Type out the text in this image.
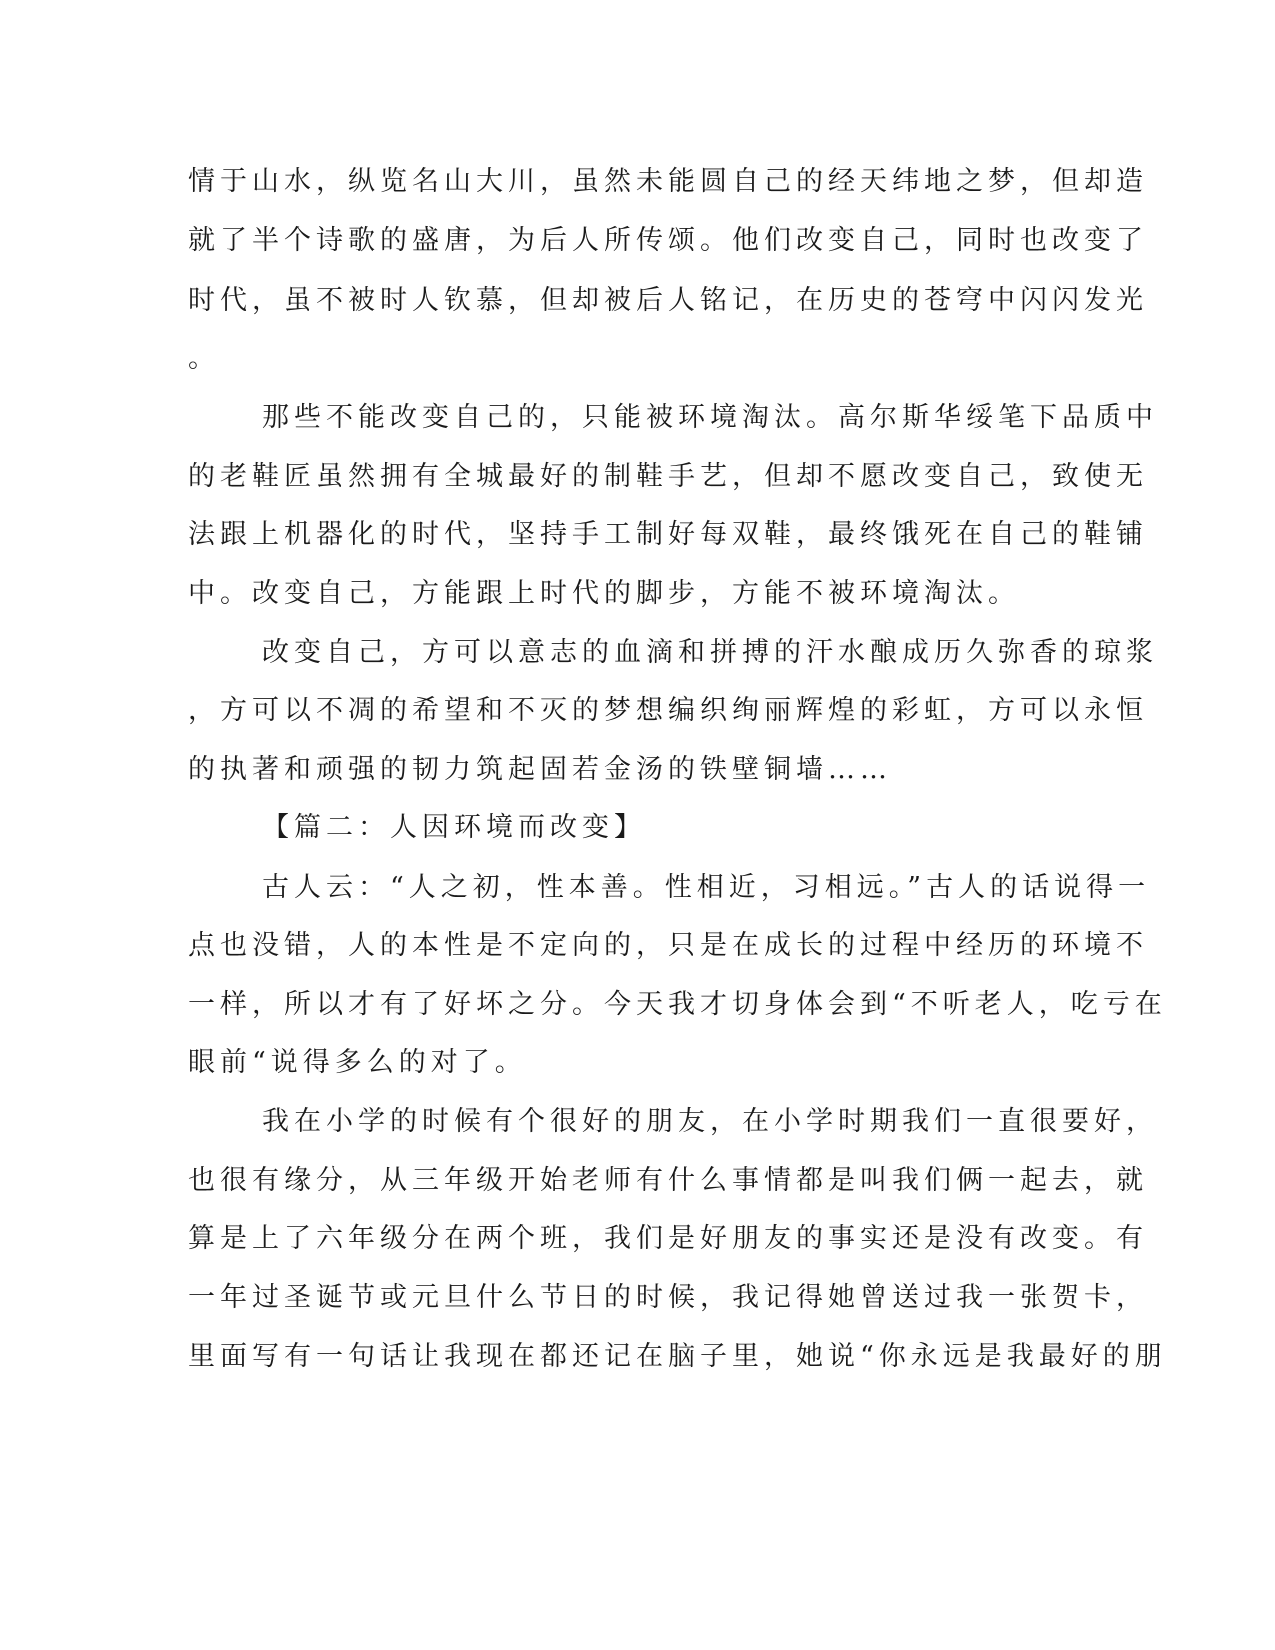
情于山水，纵览名山大川，虽然未能圆自己的经天纬地之梦，但却造
就了半个诗歌的盛唐，为后人所传颂。他们改变自己，同时也改变了
时代，虽不被时人钦慕，但却被后人铭记，在历史的苍穹中闪闪发光
。
那些不能改变自己的，只能被环境淘汰。高尔斯华绥笔下品质中
的老鞋匠虽然拥有全城最好的制鞋手艺，但却不愿改变自己，致使无
法跟上机器化的时代，坚持手工制好每双鞋，最终饿死在自己的鞋铺
中。改变自己，方能跟上时代的脚步，方能不被环境淘汰。
改变自己，方可以意志的血滴和拼搏的汗水酿成历久弥香的琼浆
，方可以不凋的希望和不灭的梦想编织绚丽辉煌的彩虹，方可以永恒
的执著和顽强的韧力筑起固若金汤的铁壁铜墙……
【篇二：人因环境而改变】
古人云：“人之初，性本善。性相近，习相远。”古人的话说得一
点也没错，人的本性是不定向的，只是在成长的过程中经历的环境不
一样，所以才有了好坏之分。今天我才切身体会到“不听老人，吃亏在
眼前“说得多么的对了。
我在小学的时候有个很好的朋友，在小学时期我们一直很要好，
也很有缘分，从三年级开始老师有什么事情都是叫我们俩一起去，就
算是上了六年级分在两个班，我们是好朋友的事实还是没有改变。有
一年过圣诞节或元旦什么节日的时候，我记得她曾送过我一张贺卡，
里面写有一句话让我现在都还记在脑子里，她说“你永远是我最好的朋
